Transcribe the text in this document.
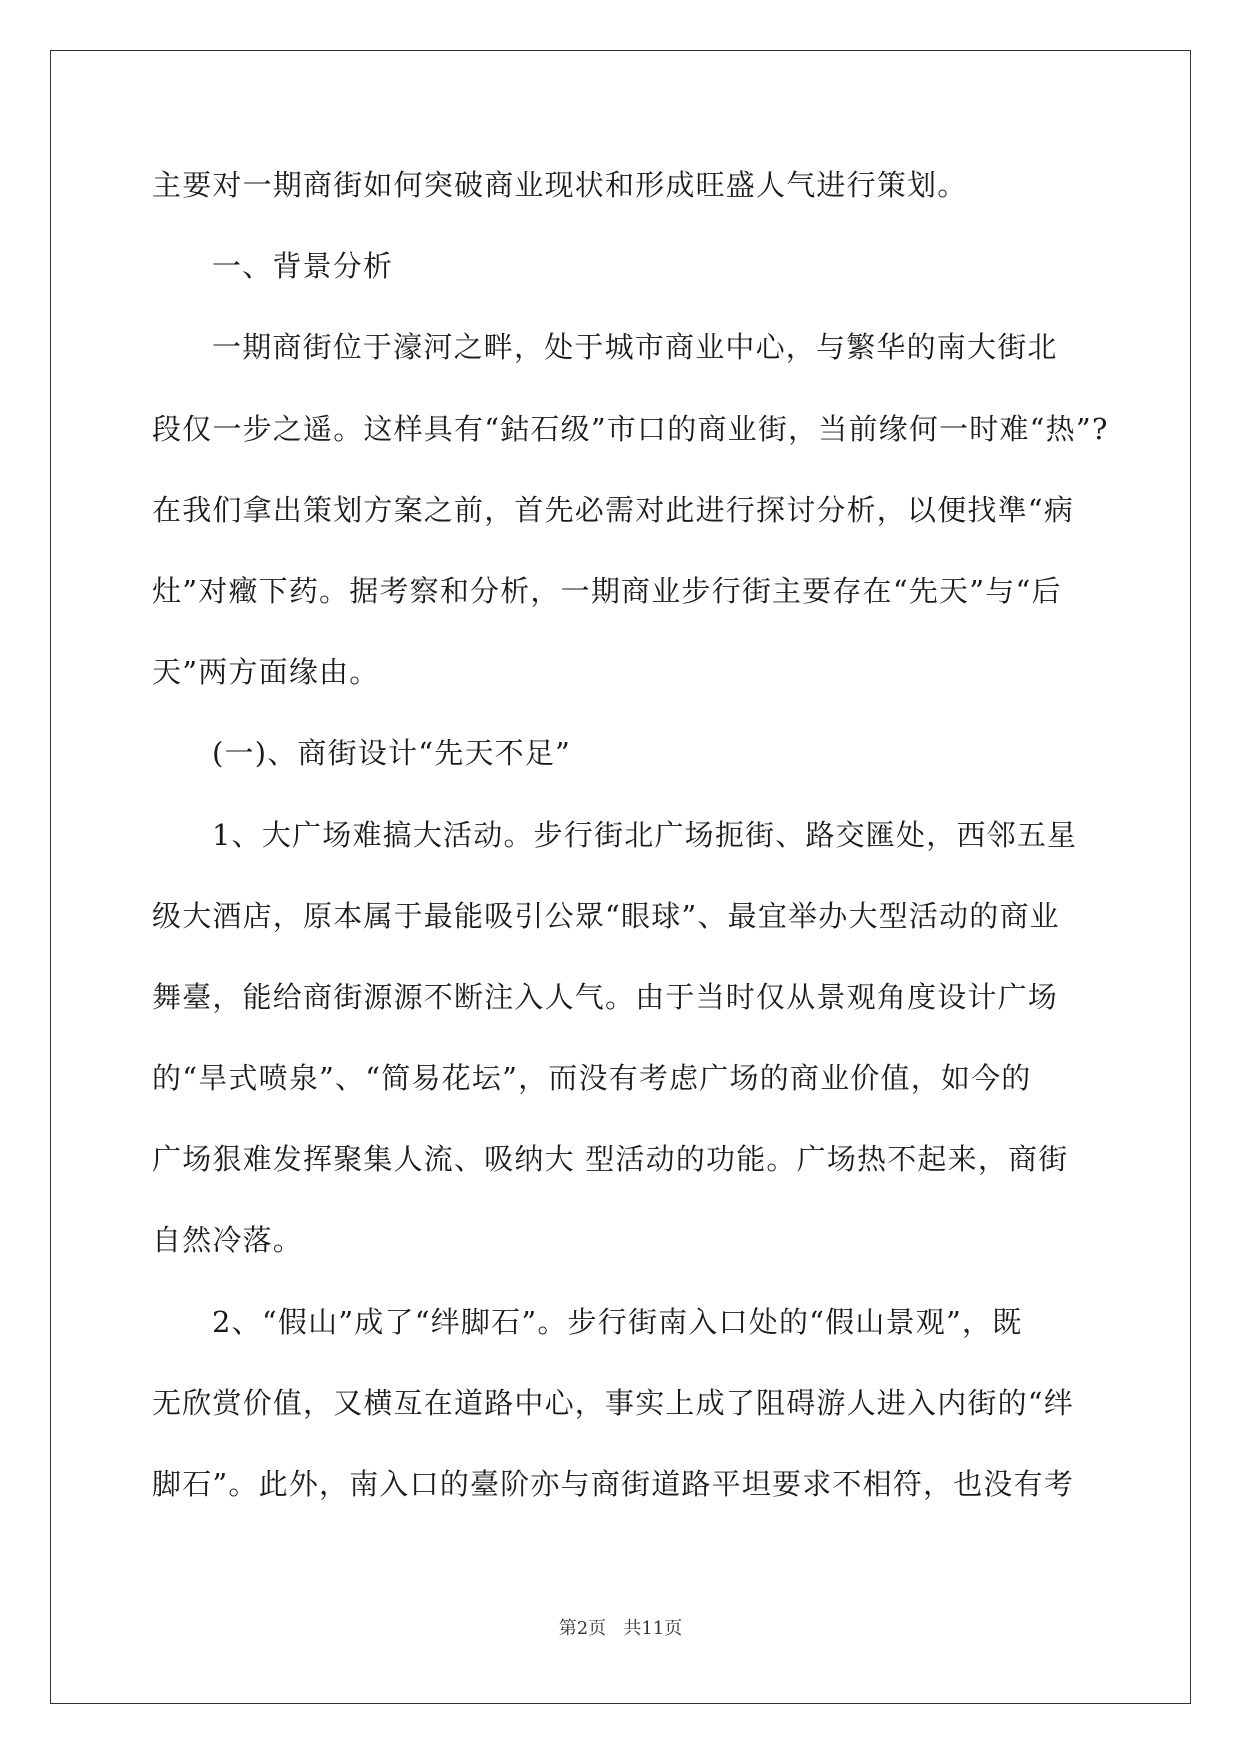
主要对一期商街如何突破商业现状和形成旺盛人气进行策划。
一、背景分析
一期商街位于濠河之畔，处于城市商业中心，与繁华的南大街北
段仅一步之遥。这样具有“鈷石级”市口的商业街，当前缘何一时难“热”?
在我们拿出策划方案之前，首先必需对此进行探讨分析，以便找準“病
灶”对癥下药。据考察和分析，一期商业步行街主要存在“先天”与“后
天”两方面缘由。
(一)、商街设计“先天不足”
1、大广场难搞大活动。步行街北广场扼街、路交匯处，西邻五星
级大酒店，原本属于最能吸引公眾“眼球”、最宜举办大型活动的商业
舞臺，能给商街源源不断注入人气。由于当时仅从景观角度设计广场
的“旱式喷泉”、“简易花坛”，而没有考虑广场的商业价值，如今的
广场狠难发挥聚集人流、吸纳大 型活动的功能。广场热不起来，商街
自然冷落。
2、“假山”成了“绊脚石”。步行街南入口处的“假山景观”，既
无欣赏价值，又横亙在道路中心，事实上成了阻碍游人进入内街的“绊
脚石”。此外，南入口的臺阶亦与商街道路平坦要求不相符，也没有考
第2页   共11页
